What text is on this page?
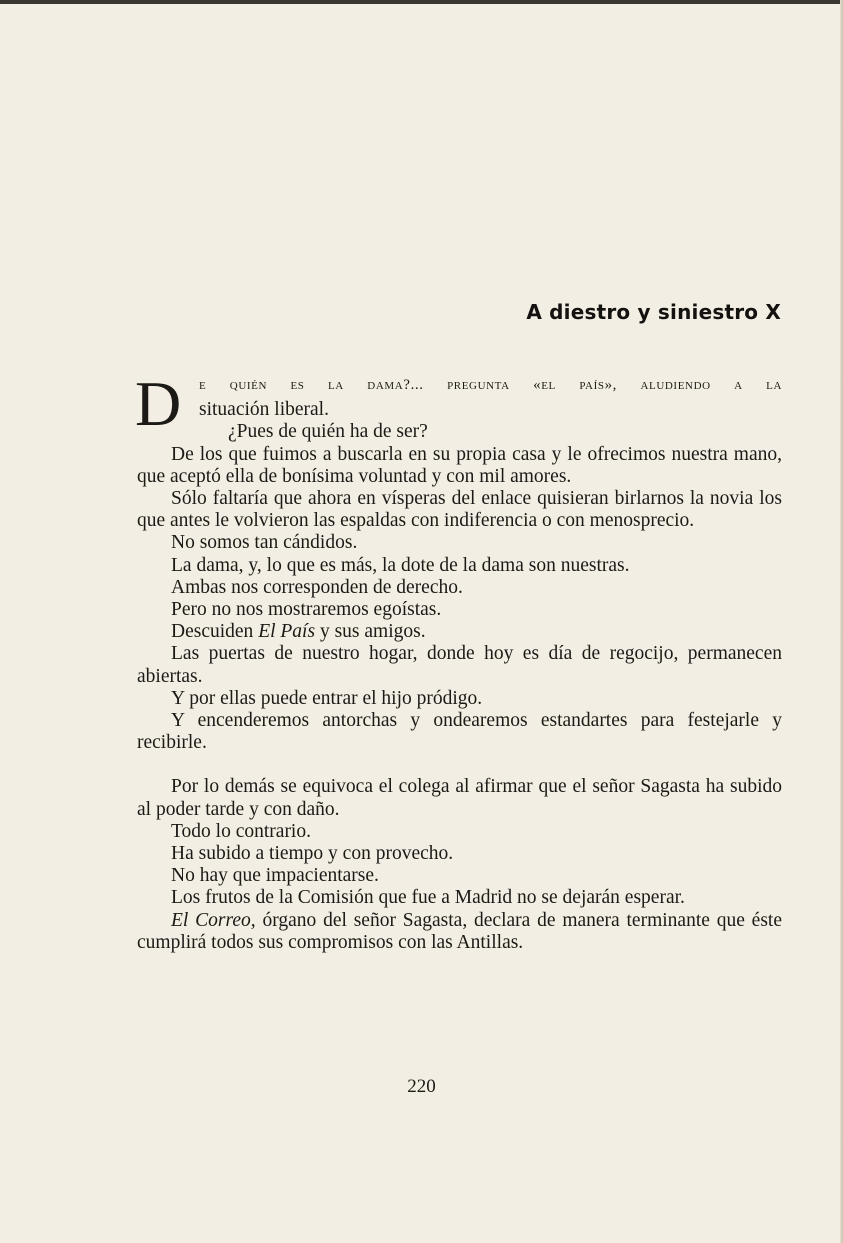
A diestro y siniestro X
D	e quién es la dama?... pregunta «el país», aludiendo a la
situación liberal.
¿Pues de quién ha de ser?

De los que fuimos a buscarla en su propia casa y le ofrecimos nuestra mano, que aceptó ella de bonísima voluntad y con mil amores.

Sólo faltaría que ahora en vísperas del enlace quisieran birlarnos la novia los que antes le volvieron las espaldas con indiferencia o con menosprecio.

No somos tan cándidos.

La dama, y, lo que es más, la dote de la dama son nuestras.

Ambas nos corresponden de derecho.

Pero no nos mostraremos egoístas.

Descuiden El País y sus amigos.

Las puertas de nuestro hogar, donde hoy es día de regocijo, permanecen abiertas.

Y por ellas puede entrar el hijo pródigo.

Y encenderemos antorchas y ondearemos estandartes para festejarle y recibirle.

Por lo demás se equivoca el colega al afirmar que el señor Sagasta ha subido al poder tarde y con daño.

Todo lo contrario.

Ha subido a tiempo y con provecho.

No hay que impacientarse.

Los frutos de la Comisión que fue a Madrid no se dejarán esperar.

El Correo, órgano del señor Sagasta, declara de manera terminante que éste cumplirá todos sus compromisos con las Antillas.

220
